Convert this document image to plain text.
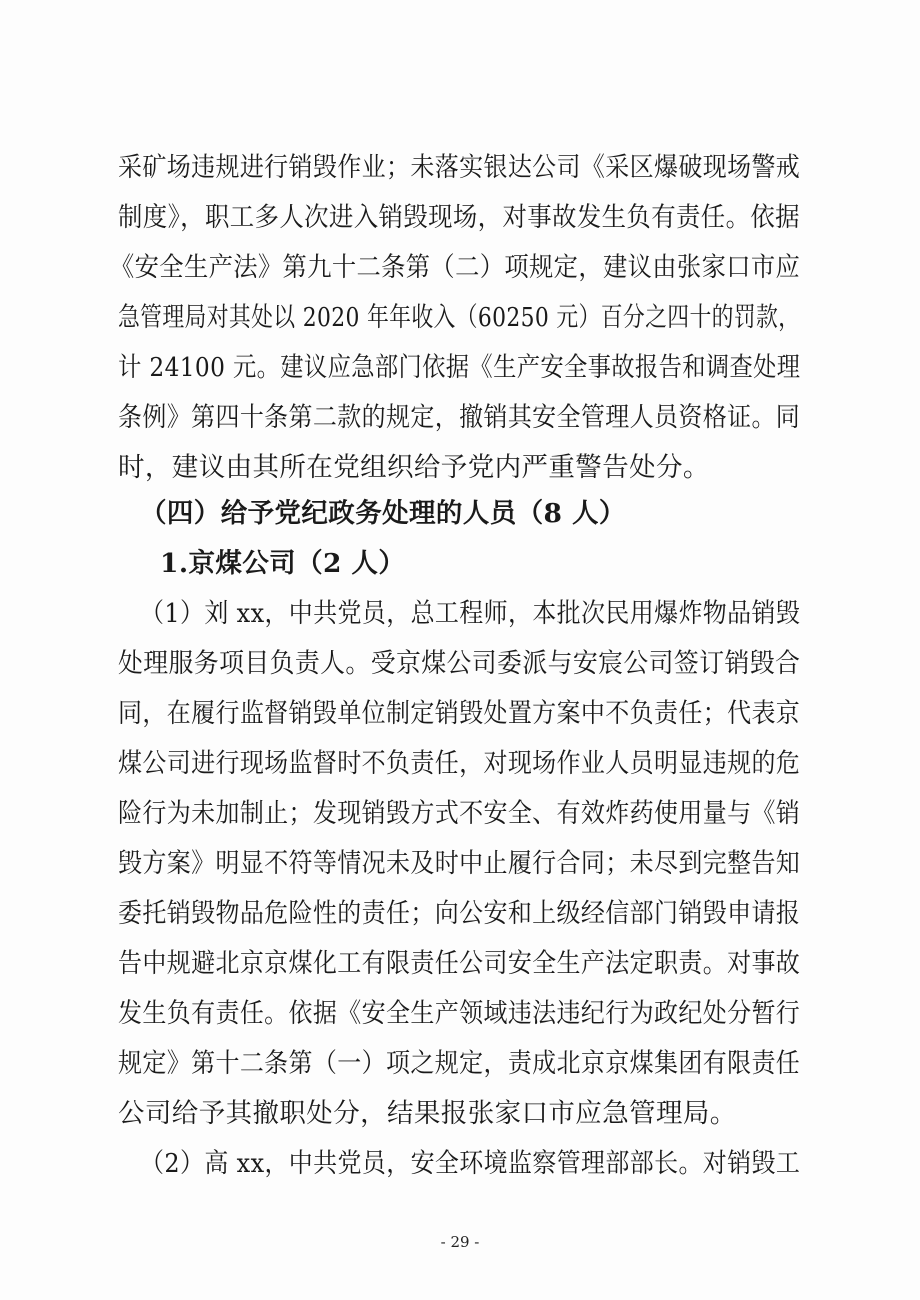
采矿场违规进行销毁作业；未落实银达公司《采区爆破现场警戒
制度》，职工多人次进入销毁现场，对事故发生负有责任。依据
《安全生产法》第九十二条第（二）项规定，建议由张家口市应
急管理局对其处以 2020 年年收入（60250 元）百分之四十的罚款，
计 24100 元。建议应急部门依据《生产安全事故报告和调查处理
条例》第四十条第二款的规定，撤销其安全管理人员资格证。同
时，建议由其所在党组织给予党内严重警告处分。
（四）给予党纪政务处理的人员（8 人）
1.京煤公司（2 人）
（1）刘 xx，中共党员，总工程师，本批次民用爆炸物品销毁
处理服务项目负责人。受京煤公司委派与安宸公司签订销毁合
同，在履行监督销毁单位制定销毁处置方案中不负责任；代表京
煤公司进行现场监督时不负责任，对现场作业人员明显违规的危
险行为未加制止；发现销毁方式不安全、有效炸药使用量与《销
毁方案》明显不符等情况未及时中止履行合同；未尽到完整告知
委托销毁物品危险性的责任；向公安和上级经信部门销毁申请报
告中规避北京京煤化工有限责任公司安全生产法定职责。对事故
发生负有责任。依据《安全生产领域违法违纪行为政纪处分暂行
规定》第十二条第（一）项之规定，责成北京京煤集团有限责任
公司给予其撤职处分，结果报张家口市应急管理局。
（2）高 xx，中共党员，安全环境监察管理部部长。对销毁工
- 29 -
